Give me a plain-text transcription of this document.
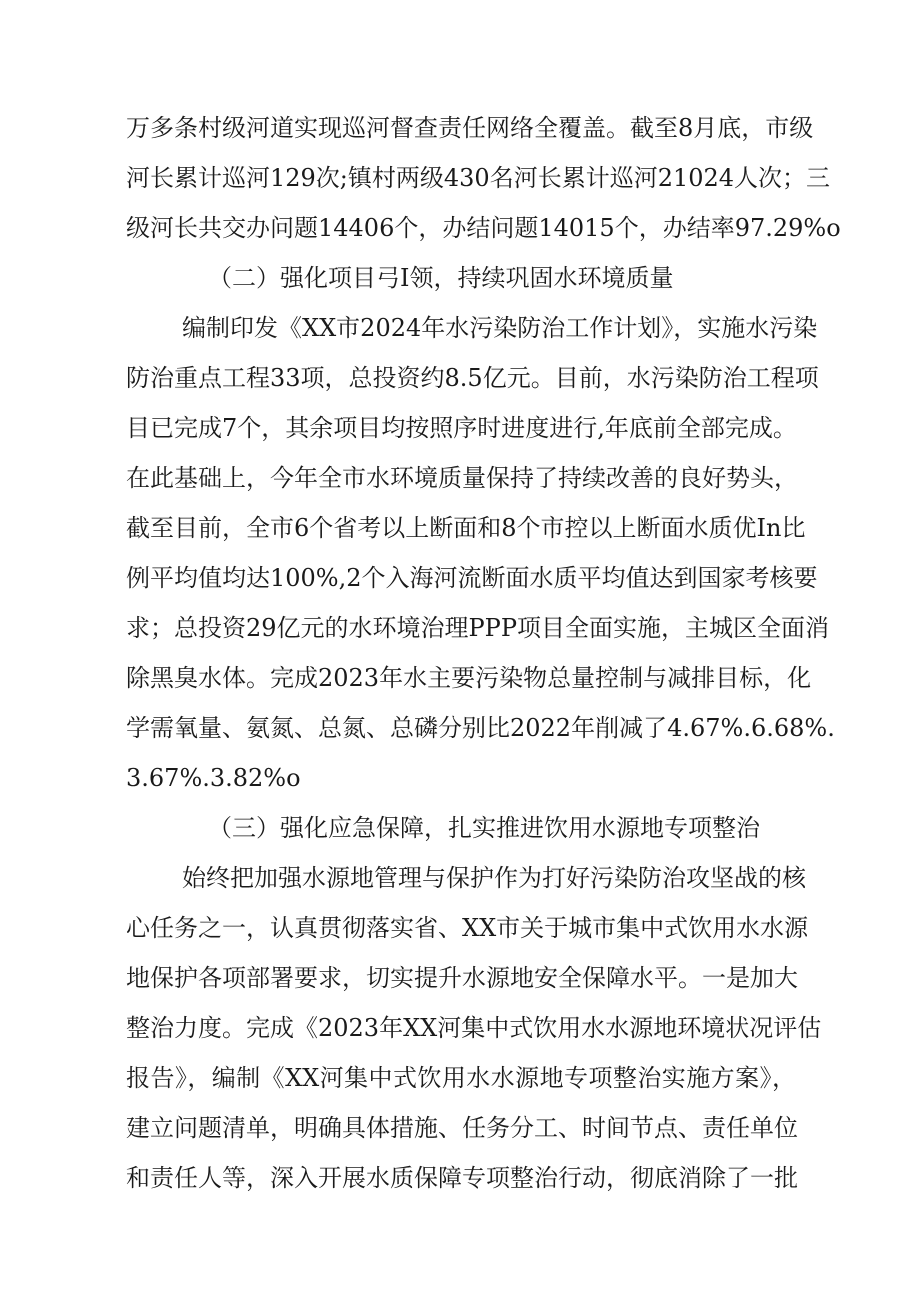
万多条村级河道实现巡河督查责任网络全覆盖。截至8月底，市级
河长累计巡河129次;镇村两级430名河长累计巡河21024人次；三
级河长共交办问题14406个，办结问题14015个，办结率97.29%o
（二）强化项目弓I领，持续巩固水环境质量
编制印发《XX市2024年水污染防治工作计划》，实施水污染
防治重点工程33项，总投资约8.5亿元。目前，水污染防治工程项
目已完成7个，其余项目均按照序时进度进行,年底前全部完成。
在此基础上，今年全市水环境质量保持了持续改善的良好势头，
截至目前，全市6个省考以上断面和8个市控以上断面水质优In比
例平均值均达100%,2个入海河流断面水质平均值达到国家考核要
求；总投资29亿元的水环境治理PPP项目全面实施，主城区全面消
除黑臭水体。完成2023年水主要污染物总量控制与减排目标，化
学需氧量、氨氮、总氮、总磷分别比2022年削减了4.67%.6.68%.
3.67%.3.82%o
（三）强化应急保障，扎实推进饮用水源地专项整治
始终把加强水源地管理与保护作为打好污染防治攻坚战的核
心任务之一，认真贯彻落实省、XX市关于城市集中式饮用水水源
地保护各项部署要求，切实提升水源地安全保障水平。一是加大
整治力度。完成《2023年XX河集中式饮用水水源地环境状况评估
报告》，编制《XX河集中式饮用水水源地专项整治实施方案》，
建立问题清单，明确具体措施、任务分工、时间节点、责任单位
和责任人等，深入开展水质保障专项整治行动，彻底消除了一批
